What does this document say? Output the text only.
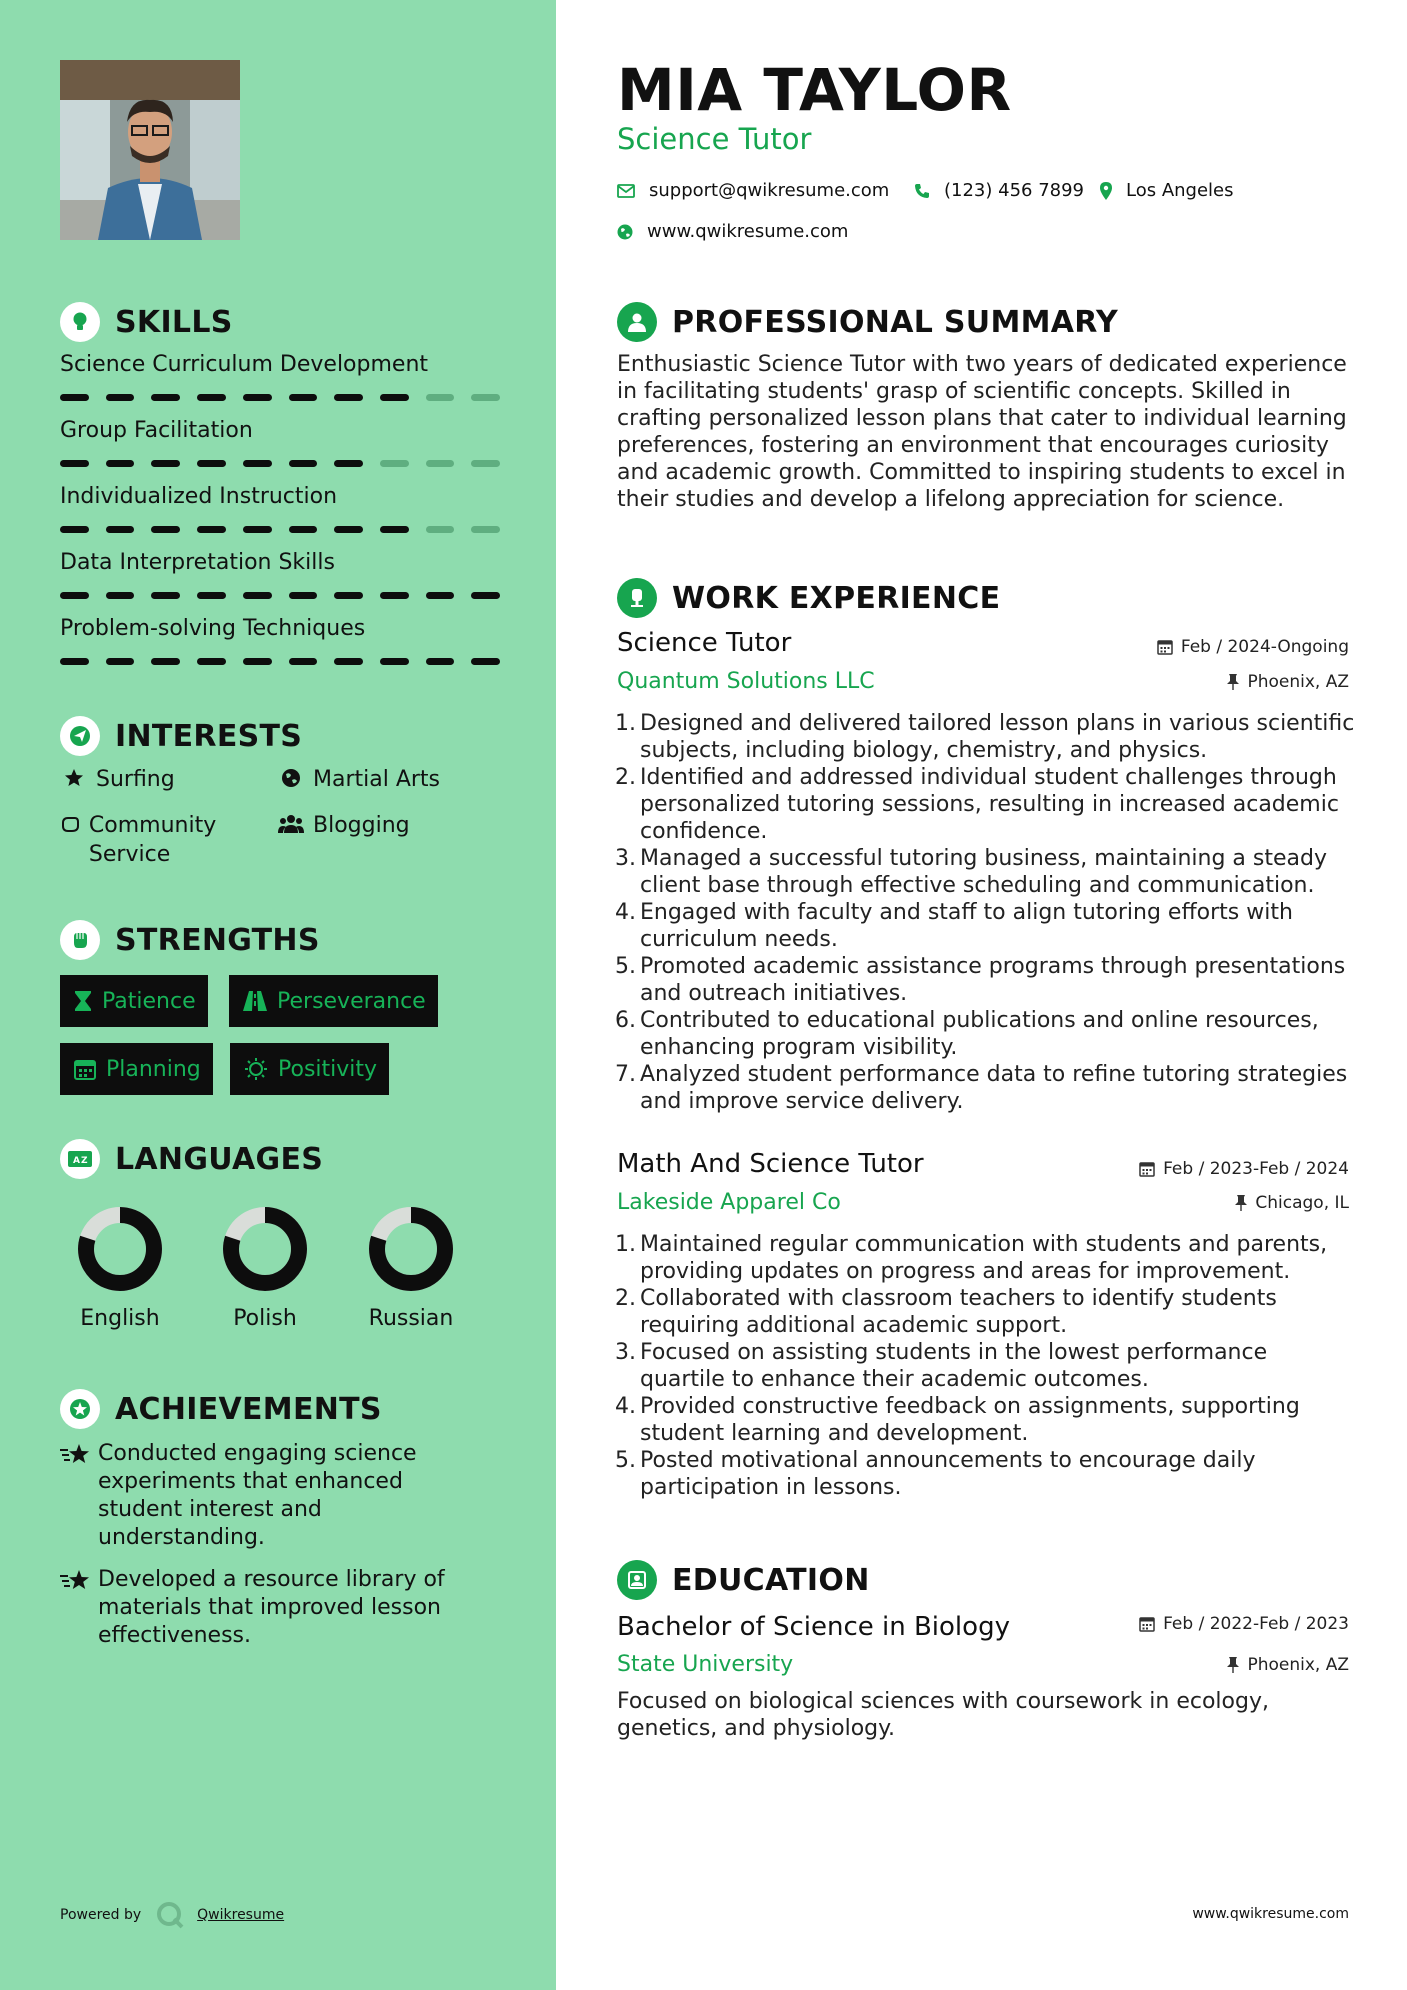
SKILLS
Science Curriculum Development
Group Facilitation
Individualized Instruction
Data Interpretation Skills
Problem-solving Techniques
INTERESTS
Surfing	Martial Arts
Community Service
Blogging
STRENGTHS
Patience	Perseverance
Planning	Positivity
A Z LANGUAGES
English	Polish	Russian
ACHIEVEMENTS
Conducted engaging science experiments that enhanced student interest and understanding.
Developed a resource library of materials that improved lesson effectiveness.
Powered by	Qwikresume
MIA TAYLOR
Science Tutor
support@qwikresume.com	(123) 456 7899 Los Angeles
www.qwikresume.com
PROFESSIONAL SUMMARY
Enthusiastic Science Tutor with two years of dedicated experience in facilitating students' grasp of scientific concepts. Skilled in crafting personalized lesson plans that cater to individual learning preferences, fostering an environment that encourages curiosity and academic growth. Committed to inspiring students to excel in their studies and develop a lifelong appreciation for science.
WORK EXPERIENCE
Science Tutor
Quantum Solutions LLC
Feb / 2024-Ongoing
Phoenix, AZ
1. Designed and delivered tailored lesson plans in various scientific subjects, including biology, chemistry, and physics.
2. Identified and addressed individual student challenges through personalized tutoring sessions, resulting in increased academic confidence.
3. Managed a successful tutoring business, maintaining a steady client base through effective scheduling and communication.
4. Engaged with faculty and staff to align tutoring efforts with curriculum needs.
5. Promoted academic assistance programs through presentations and outreach initiatives.
6. Contributed to educational publications and online resources, enhancing program visibility.
7. Analyzed student performance data to refine tutoring strategies and improve service delivery.
Math And Science Tutor
Lakeside Apparel Co
Feb / 2023-Feb / 2024
Chicago, IL
1. Maintained regular communication with students and parents, providing updates on progress and areas for improvement.
2. Collaborated with classroom teachers to identify students requiring additional academic support.
3. Focused on assisting students in the lowest performance quartile to enhance their academic outcomes.
4. Provided constructive feedback on assignments, supporting student learning and development.
5. Posted motivational announcements to encourage daily participation in lessons.
EDUCATION
Bachelor of Science in Biology
State University
Feb / 2022-Feb / 2023
Phoenix, AZ
Focused on biological sciences with coursework in ecology, genetics, and physiology.
www.qwikresume.com
